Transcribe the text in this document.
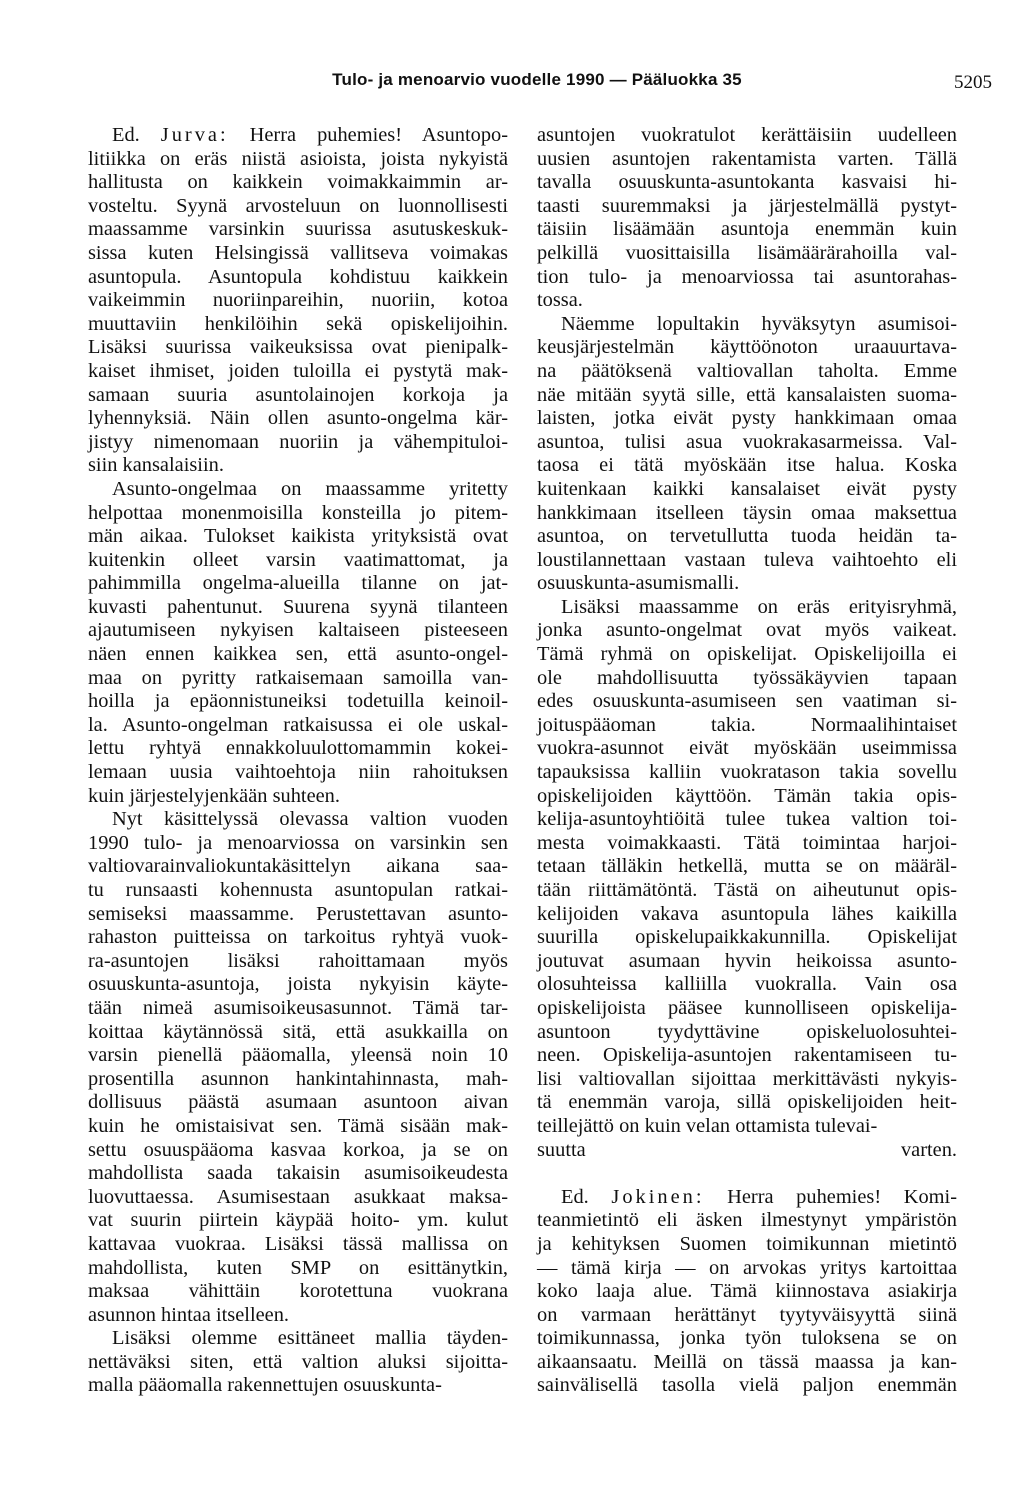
Tulo- ja menoarvio vuodelle 1990 — Pääluokka 35	5205
Ed. Jurva: Herra puhemies! Asuntopo-
litiikka on eräs niistä asioista, joista nykyistä
hallitusta on kaikkein voimakkaimmin ar-
vosteltu. Syynä arvosteluun on luonnollisesti
maassamme varsinkin suurissa asutuskeskuk-
sissa kuten Helsingissä vallitseva voimakas
asuntopula. Asuntopula kohdistuu kaikkein
vaikeimmin nuoriinpareihin, nuoriin, kotoa
muuttaviin henkilöihin sekä opiskelijoihin.
Lisäksi suurissa vaikeuksissa ovat pienipalk-
kaiset ihmiset, joiden tuloilla ei pystytä mak-
samaan suuria asuntolainojen korkoja ja
lyhennyksiä. Näin ollen asunto-ongelma kär-
jistyy nimenomaan nuoriin ja vähempituloi-
siin kansalaisiin.
Asunto-ongelmaa on maassamme yritetty
helpottaa monenmoisilla konsteilla jo pitem-
män aikaa. Tulokset kaikista yrityksistä ovat
kuitenkin olleet varsin vaatimattomat, ja
pahimmilla ongelma-alueilla tilanne on jat-
kuvasti pahentunut. Suurena syynä tilanteen
ajautumiseen nykyisen kaltaiseen pisteeseen
näen ennen kaikkea sen, että asunto-ongel-
maa on pyritty ratkaisemaan samoilla van-
hoilla ja epäonnistuneiksi todetuilla keinoil-
la. Asunto-ongelman ratkaisussa ei ole uskal-
lettu ryhtyä ennakkoluulottomammin kokei-
lemaan uusia vaihtoehtoja niin rahoituksen
kuin järjestelyjenkään suhteen.
Nyt käsittelyssä olevassa valtion vuoden
1990 tulo- ja menoarviossa on varsinkin sen
valtiovarainvaliokuntakäsittelyn aikana saa-
tu runsaasti kohennusta asuntopulan ratkai-
semiseksi maassamme. Perustettavan asunto-
rahaston puitteissa on tarkoitus ryhtyä vuok-
ra-asuntojen lisäksi rahoittamaan myös
osuuskunta-asuntoja, joista nykyisin käyte-
tään nimeä asumisoikeusasunnot. Tämä tar-
koittaa käytännössä sitä, että asukkailla on
varsin pienellä pääomalla, yleensä noin 10
prosentilla asunnon hankintahinnasta, mah-
dollisuus päästä asumaan asuntoon aivan
kuin he omistaisivat sen. Tämä sisään mak-
settu osuuspääoma kasvaa korkoa, ja se on
mahdollista saada takaisin asumisoikeudesta
luovuttaessa. Asumisestaan asukkaat maksa-
vat suurin piirtein käypää hoito- ym. kulut
kattavaa vuokraa. Lisäksi tässä mallissa on
mahdollista, kuten SMP on esittänytkin,
maksaa vähittäin korotettuna vuokrana
asunnon hintaa itselleen.
Lisäksi olemme esittäneet mallia täyden-
nettäväksi siten, että valtion aluksi sijoitta-
malla pääomalla rakennettujen osuuskunta-
asuntojen vuokratulot kerättäisiin uudelleen
uusien asuntojen rakentamista varten. Tällä
tavalla osuuskunta-asuntokanta kasvaisi hi-
taasti suuremmaksi ja järjestelmällä pystyt-
täisiin lisäämään asuntoja enemmän kuin
pelkillä vuosittaisilla lisämäärärahoilla val-
tion tulo- ja menoarviossa tai asuntorahas-
tossa.
Näemme lopultakin hyväksytyn asumisoi-
keusjärjestelmän käyttöönoton uraauurtava-
na päätöksenä valtiovallan taholta. Emme
näe mitään syytä sille, että kansalaisten suoma-
laisten, jotka eivät pysty hankkimaan omaa
asuntoa, tulisi asua vuokrakasarmeissa. Val-
taosa ei tätä myöskään itse halua. Koska
kuitenkaan kaikki kansalaiset eivät pysty
hankkimaan itselleen täysin omaa maksettua
asuntoa, on tervetullutta tuoda heidän ta-
loustilannettaan vastaan tuleva vaihtoehto eli
osuuskunta-asumismalli.
Lisäksi maassamme on eräs erityisryhmä,
jonka asunto-ongelmat ovat myös vaikeat.
Tämä ryhmä on opiskelijat. Opiskelijoilla ei
ole mahdollisuutta työssäkäyvien tapaan
edes osuuskunta-asumiseen sen vaatiman si-
joituspääoman takia. Normaalihintaiset
vuokra-asunnot eivät myöskään useimmissa
tapauksissa kalliin vuokratason takia sovellu
opiskelijoiden käyttöön. Tämän takia opis-
kelija-asuntoyhtiöitä tulee tukea valtion toi-
mesta voimakkaasti. Tätä toimintaa harjoi-
tetaan tälläkin hetkellä, mutta se on määräl-
tään riittämätöntä. Tästä on aiheutunut opis-
kelijoiden vakava asuntopula lähes kaikilla
suurilla opiskelupaikkakunnilla. Opiskelijat
joutuvat asumaan hyvin heikoissa asunto-
olosuhteissa kalliilla vuokralla. Vain osa
opiskelijoista pääsee kunnolliseen opiskelija-
asuntoon tyydyttävine opiskeluolosuhtei-
neen. Opiskelija-asuntojen rakentamiseen tu-
lisi valtiovallan sijoittaa merkittävästi nykyis-
tä enemmän varoja, sillä opiskelijoiden heit-
teillejättö on kuin velan ottamista tulevai-
suutta varten.
Ed. Jokinen: Herra puhemies! Komi-
teanmietintö eli äsken ilmestynyt ympäristön
ja kehityksen Suomen toimikunnan mietintö
— tämä kirja — on arvokas yritys kartoittaa
koko laaja alue. Tämä kiinnostava asiakirja
on varmaan herättänyt tyytyväisyyttä siinä
toimikunnassa, jonka työn tuloksena se on
aikaansaatu. Meillä on tässä maassa ja kan-
sainvälisellä tasolla vielä paljon enemmän
